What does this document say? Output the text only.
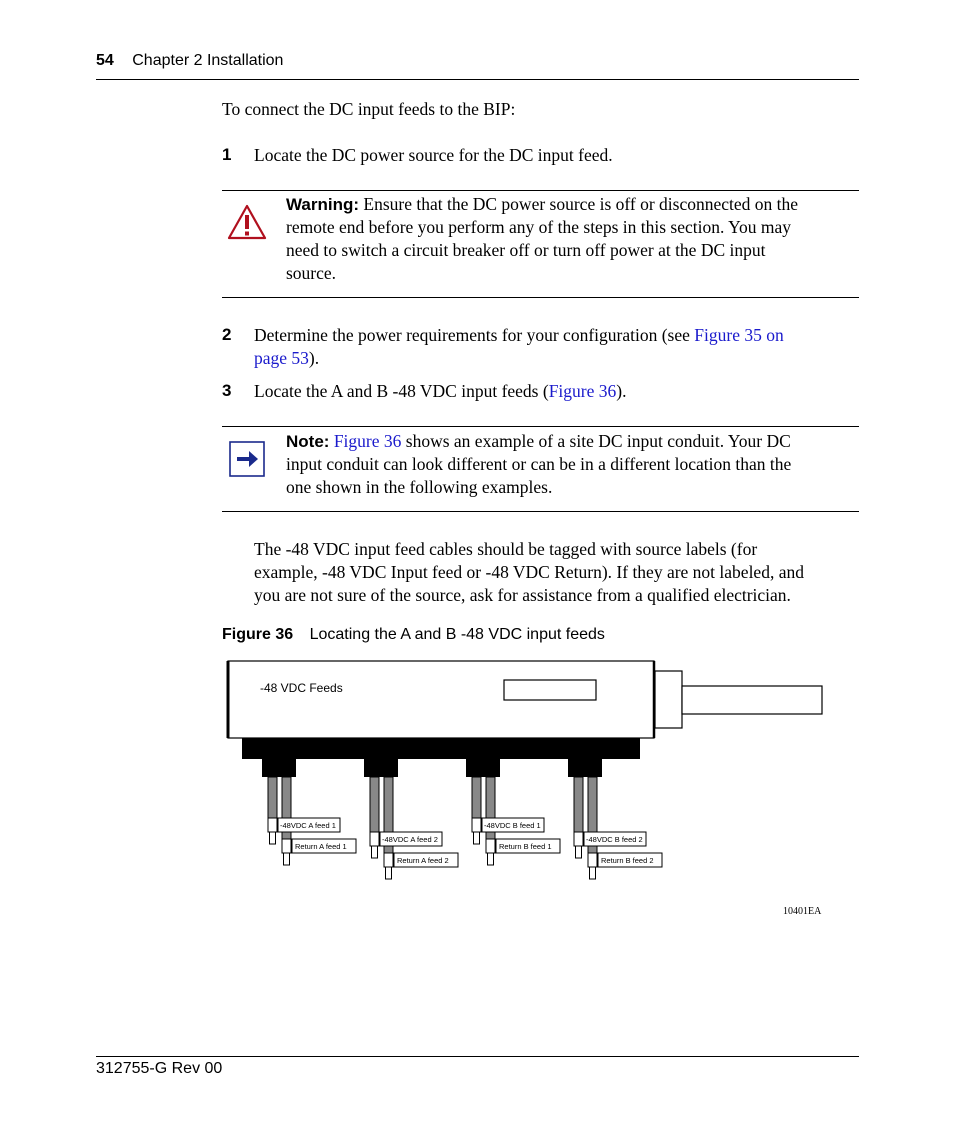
54 Chapter 2 Installation
To connect the DC input feeds to the BIP:
1 Locate the DC power source for the DC input feed.
Warning: Ensure that the DC power source is off or disconnected on the
remote end before you perform any of the steps in this section. You may
need to switch a circuit breaker off or turn off power at the DC input
source.
2 Determine the power requirements for your configuration (see Figure 35 on
page 53).
3 Locate the A and B -48 VDC input feeds (Figure 36).
Note: Figure 36 shows an example of a site DC input conduit. Your DC
input conduit can look different or can be in a different location than the
one shown in the following examples.
The -48 VDC input feed cables should be tagged with source labels (for
example, -48 VDC Input feed or -48 VDC Return). If they are not labeled, and
you are not sure of the source, ask for assistance from a qualified electrician.
Figure 36 Locating the A and B -48 VDC input feeds
-48 VDC Feeds
10401EA
-48VDC A feed 1
Return A feed 1
-48VDC A feed 2
Return A feed 2
-48VDC B feed 1
Return B feed 1
-48VDC B feed 2
Return B feed 2
312755-G Rev 00
